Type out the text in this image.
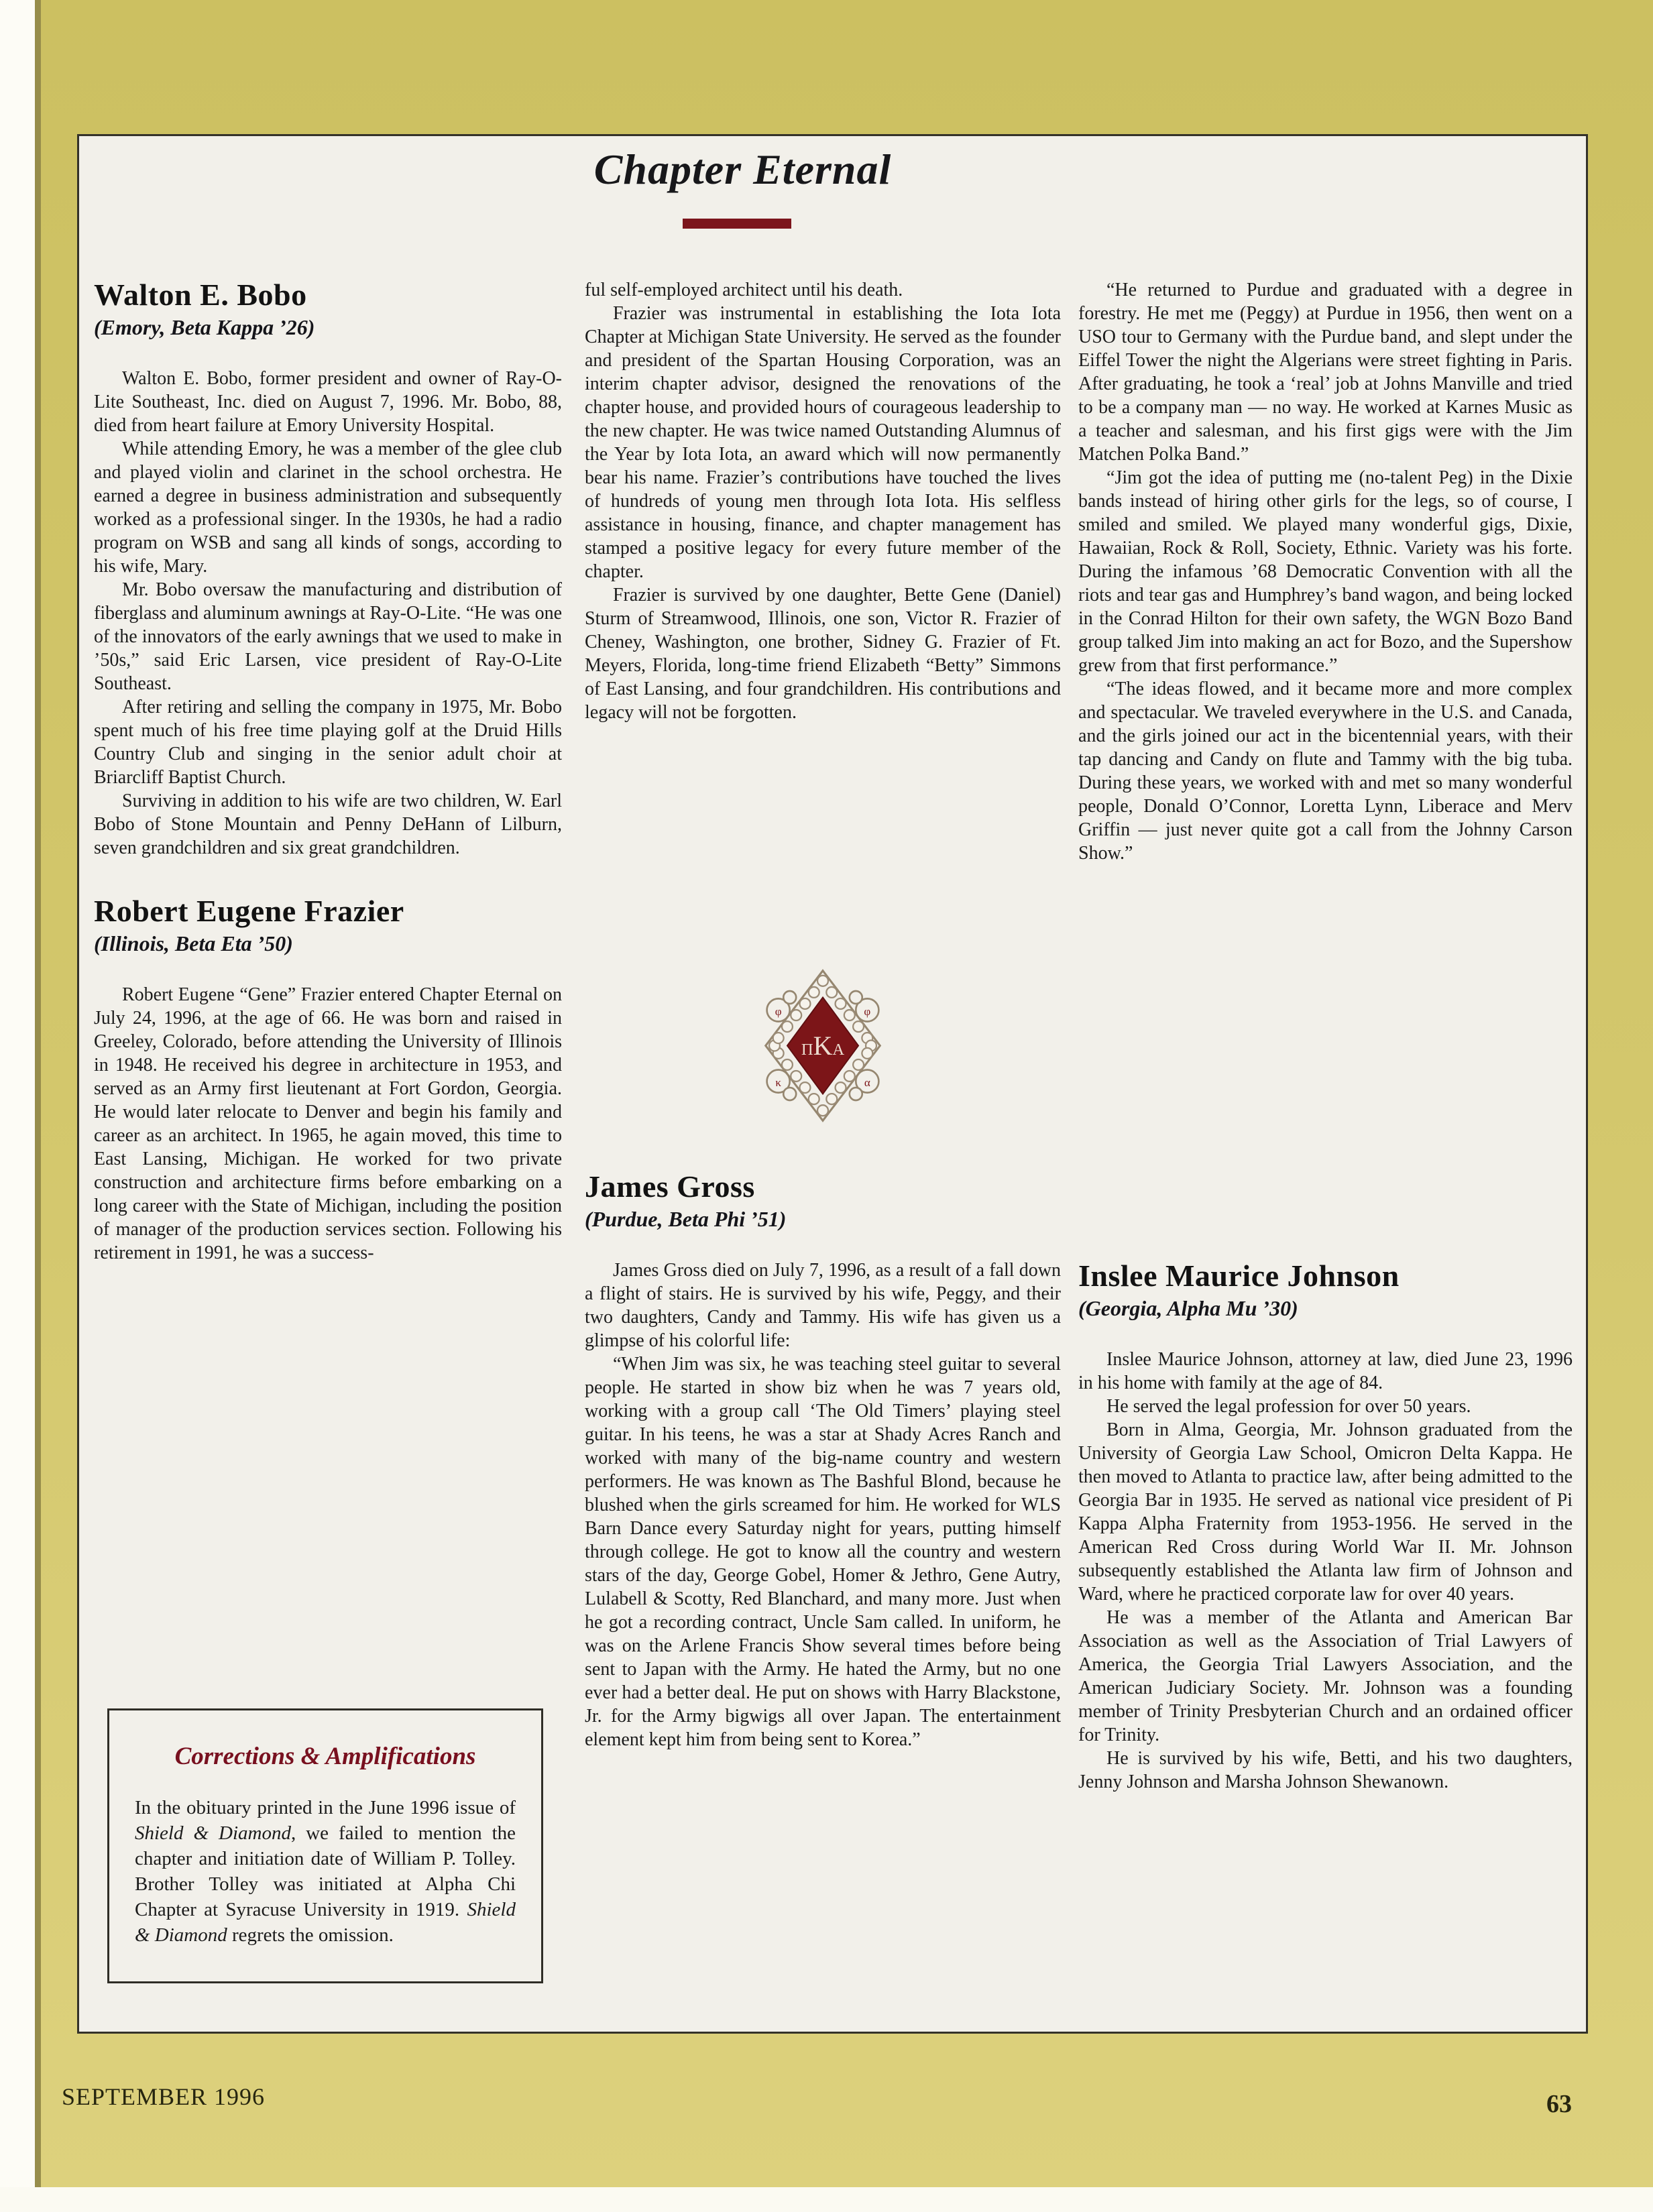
Chapter Eternal
Walton E. Bobo
(Emory, Beta Kappa ’26)

Walton E. Bobo, former president and owner of Ray-O-Lite Southeast, Inc. died on August 7, 1996. Mr. Bobo, 88, died from heart failure at Emory University Hospital.

While attending Emory, he was a member of the glee club and played violin and clarinet in the school orchestra. He earned a degree in business administration and subsequently worked as a professional singer. In the 1930s, he had a radio program on WSB and sang all kinds of songs, according to his wife, Mary.

Mr. Bobo oversaw the manufacturing and distribution of fiberglass and aluminum awnings at Ray-O-Lite. “He was one of the innovators of the early awnings that we used to make in ’50s,” said Eric Larsen, vice president of Ray-O-Lite Southeast.

After retiring and selling the company in 1975, Mr. Bobo spent much of his free time playing golf at the Druid Hills Country Club and singing in the senior adult choir at Briarcliff Baptist Church.

Surviving in addition to his wife are two children, W. Earl Bobo of Stone Mountain and Penny DeHann of Lilburn, seven grandchildren and six great grandchildren.

Robert Eugene Frazier
(Illinois, Beta Eta ’50)

Robert Eugene “Gene” Frazier entered Chapter Eternal on July 24, 1996, at the age of 66. He was born and raised in Greeley, Colorado, before attending the University of Illinois in 1948. He received his degree in architecture in 1953, and served as an Army first lieutenant at Fort Gordon, Georgia. He would later relocate to Denver and begin his family and career as an architect. In 1965, he again moved, this time to East Lansing, Michigan. He worked for two private construction and architecture firms before embarking on a long career with the State of Michigan, including the position of manager of the production services section. Following his retirement in 1991, he was a success-

Corrections & Amplifications
In the obituary printed in the June 1996 issue of Shield & Diamond, we failed to mention the chapter and initiation date of William P. Tolley. Brother Tolley was initiated at Alpha Chi Chapter at Syracuse University in 1919. Shield & Diamond regrets the omission.

ful self-employed architect until his death.

Frazier was instrumental in establishing the Iota Iota Chapter at Michigan State University. He served as the founder and president of the Spartan Housing Corporation, was an interim chapter advisor, designed the renovations of the chapter house, and provided hours of courageous leadership to the new chapter. He was twice named Outstanding Alumnus of the Year by Iota Iota, an award which will now permanently bear his name. Frazier’s contributions have touched the lives of hundreds of young men through Iota Iota. His selfless assistance in housing, finance, and chapter management has stamped a positive legacy for every future member of the chapter.

Frazier is survived by one daughter, Bette Gene (Daniel) Sturm of Streamwood, Illinois, one son, Victor R. Frazier of Cheney, Washington, one brother, Sidney G. Frazier of Ft. Meyers, Florida, long-time friend Elizabeth “Betty” Simmons of East Lansing, and four grandchildren. His contributions and legacy will not be forgotten.

ΠKΑ
φ	φ
κ	α
James Gross
(Purdue, Beta Phi ’51)

James Gross died on July 7, 1996, as a result of a fall down a flight of stairs. He is survived by his wife, Peggy, and their two daughters, Candy and Tammy. His wife has given us a glimpse of his colorful life:

“When Jim was six, he was teaching steel guitar to several people. He started in show biz when he was 7 years old, working with a group call ‘The Old Timers’ playing steel guitar. In his teens, he was a star at Shady Acres Ranch and worked with many of the big-name country and western performers. He was known as The Bashful Blond, because he blushed when the girls screamed for him. He worked for WLS Barn Dance every Saturday night for years, putting himself through college. He got to know all the country and western stars of the day, George Gobel, Homer & Jethro, Gene Autry, Lulabell & Scotty, Red Blanchard, and many more. Just when he got a recording contract, Uncle Sam called. In uniform, he was on the Arlene Francis Show several times before being sent to Japan with the Army. He hated the Army, but no one ever had a better deal. He put on shows with Harry Blackstone, Jr. for the Army bigwigs all over Japan. The entertainment element kept him from being sent to Korea.”

“He returned to Purdue and graduated with a degree in forestry. He met me (Peggy) at Purdue in 1956, then went on a USO tour to Germany with the Purdue band, and slept under the Eiffel Tower the night the Algerians were street fighting in Paris. After graduating, he took a ‘real’ job at Johns Manville and tried to be a company man — no way. He worked at Karnes Music as a teacher and salesman, and his first gigs were with the Jim Matchen Polka Band.”

“Jim got the idea of putting me (no-talent Peg) in the Dixie bands instead of hiring other girls for the legs, so of course, I smiled and smiled. We played many wonderful gigs, Dixie, Hawaiian, Rock & Roll, Society, Ethnic. Variety was his forte. During the infamous ’68 Democratic Convention with all the riots and tear gas and Humphrey’s band wagon, and being locked in the Conrad Hilton for their own safety, the WGN Bozo Band group talked Jim into making an act for Bozo, and the Supershow grew from that first performance.”

“The ideas flowed, and it became more and more complex and spectacular. We traveled everywhere in the U.S. and Canada, and the girls joined our act in the bicentennial years, with their tap dancing and Candy on flute and Tammy with the big tuba. During these years, we worked with and met so many wonderful people, Donald O’Connor, Loretta Lynn, Liberace and Merv Griffin — just never quite got a call from the Johnny Carson Show.”

Inslee Maurice Johnson
(Georgia, Alpha Mu ’30)

Inslee Maurice Johnson, attorney at law, died June 23, 1996 in his home with family at the age of 84.

He served the legal profession for over 50 years.

Born in Alma, Georgia, Mr. Johnson graduated from the University of Georgia Law School, Omicron Delta Kappa. He then moved to Atlanta to practice law, after being admitted to the Georgia Bar in 1935. He served as national vice president of Pi Kappa Alpha Fraternity from 1953-1956. He served in the American Red Cross during World War II. Mr. Johnson subsequently established the Atlanta law firm of Johnson and Ward, where he practiced corporate law for over 40 years.

He was a member of the Atlanta and American Bar Association as well as the Association of Trial Lawyers of America, the Georgia Trial Lawyers Association, and the American Judiciary Society. Mr. Johnson was a founding member of Trinity Presbyterian Church and an ordained officer for Trinity.

He is survived by his wife, Betti, and his two daughters, Jenny Johnson and Marsha Johnson Shewanown.

SEPTEMBER 1996	63
